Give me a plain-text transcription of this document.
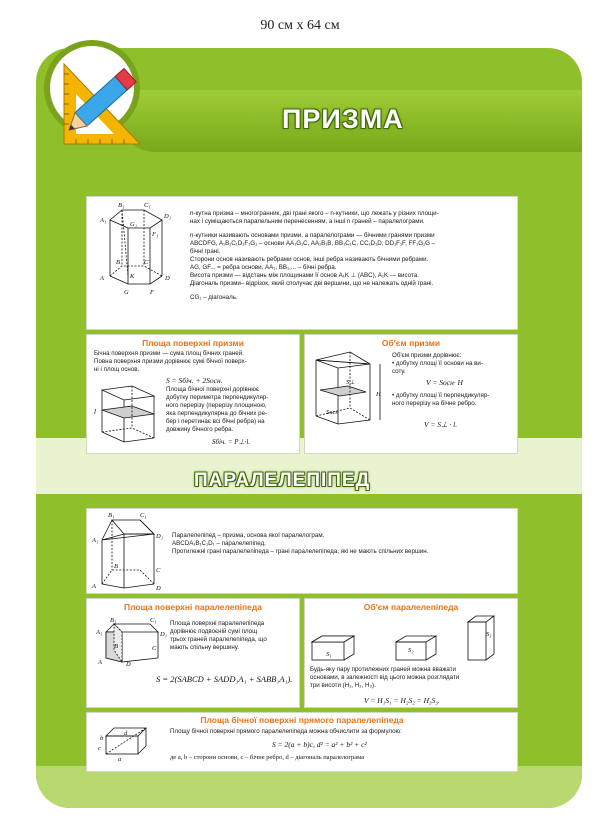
90 см х 64 см
ПРИЗМА
B₁	C₁
A₁
G₁
D₁
F₁
B	C
A
G	F
K	D
n-кутна призма – многогранник, дві грані якого – n-кутники, що лежать у різних площи-
нах і суміщаються паралельним перенесенням, а інші n граней – паралелограми.
n-кутники називають основами призми, а паралелограми — бічними гранями призми
ABCDFG, A₁B₁C₁D₁F₁G₁ – основи AA₁G₁C, AA₁B₁B, BB₁C₁C, CC₁D₁D, DD₁F₁F, FF₁G₁G –
бічні грані.
Сторони основ називають ребрами основ, інші ребра називають бічними ребрами.
AG, GF... = ребра основи, AA₁, BB₁,... – бічні ребра.
Висота призми — відстань між площинами її основ A₁K ⊥ (ABC), A₁K — висота.
Діагональ призми– відрізок, який сполучає дві вершини, що не належать одній грані.
CG₁ – діагональ.
Площа поверхні призми
Бічна поверхня призми — сума площ бічних граней.
Повна поверхня призми дорівнює сумі бічної поверх-
ні і площ основ.
S = Sбіч. + 2Sосн.
l
Площа бічної поверхні дорівнює
добутку периметра перпендикуляр-
ного перерізу (перерізу площиною,
яка перпендикулярна до бічних ре-
бер і перетинає всі бічні ребра) на
довжину бічного ребра.
Sбіч. = P⊥·l.
Об'єм призми
H
Sосн
S⊥
Об'єм призми дорівнює:
• добутку площі її основи на ви-
соту.
V = Sосн· H
• добутку площі її перпендикуляр-
ного перерізу на бічне ребро.
V = S⊥ · l.
ПАРАЛЕЛЕПІПЕД
B₁	C₁
A₁
D₁
B
C
A	D
Паралелепіпед – призма, основа якої паралелограм.
ABCDA₁B₁C₁D₁ – паралелепіпед.
Протилежні грані паралелепіпеда – грані паралелепіпеда, які не мають спільних вершин.
Площа поверхні паралелепіпеда
B₁	C₁
A₁	D₁
B	C
A	D
Площа поверхні паралелепіпеда
дорівнює подвоєній сумі площ
трьох граней паралелепіпеда, що
мають спільну вершину.
S = 2(SABCD + SADD₁A₁ + SABB₁A₁).
Об'єм паралелепіпеда
S₁
S₂
S₃
Будь-яку пару протилежних граней можна вважати
основами, в залежності від цього можна розглядати
три висоти (H₁, H₂, H₃).
V = H₁S₁ = H₂S₂ = H₃S₃.
Площа бічної поверхні прямого паралелепіпеда
a
b
c
d	Площу бічної поверхні прямого паралелепіпеда можна обчислити за формулою:
S = 2(a + b)c, d² = a² + b² + c²
де a, b – сторони основи, c – бічне ребро, d – діагональ паралелограма
